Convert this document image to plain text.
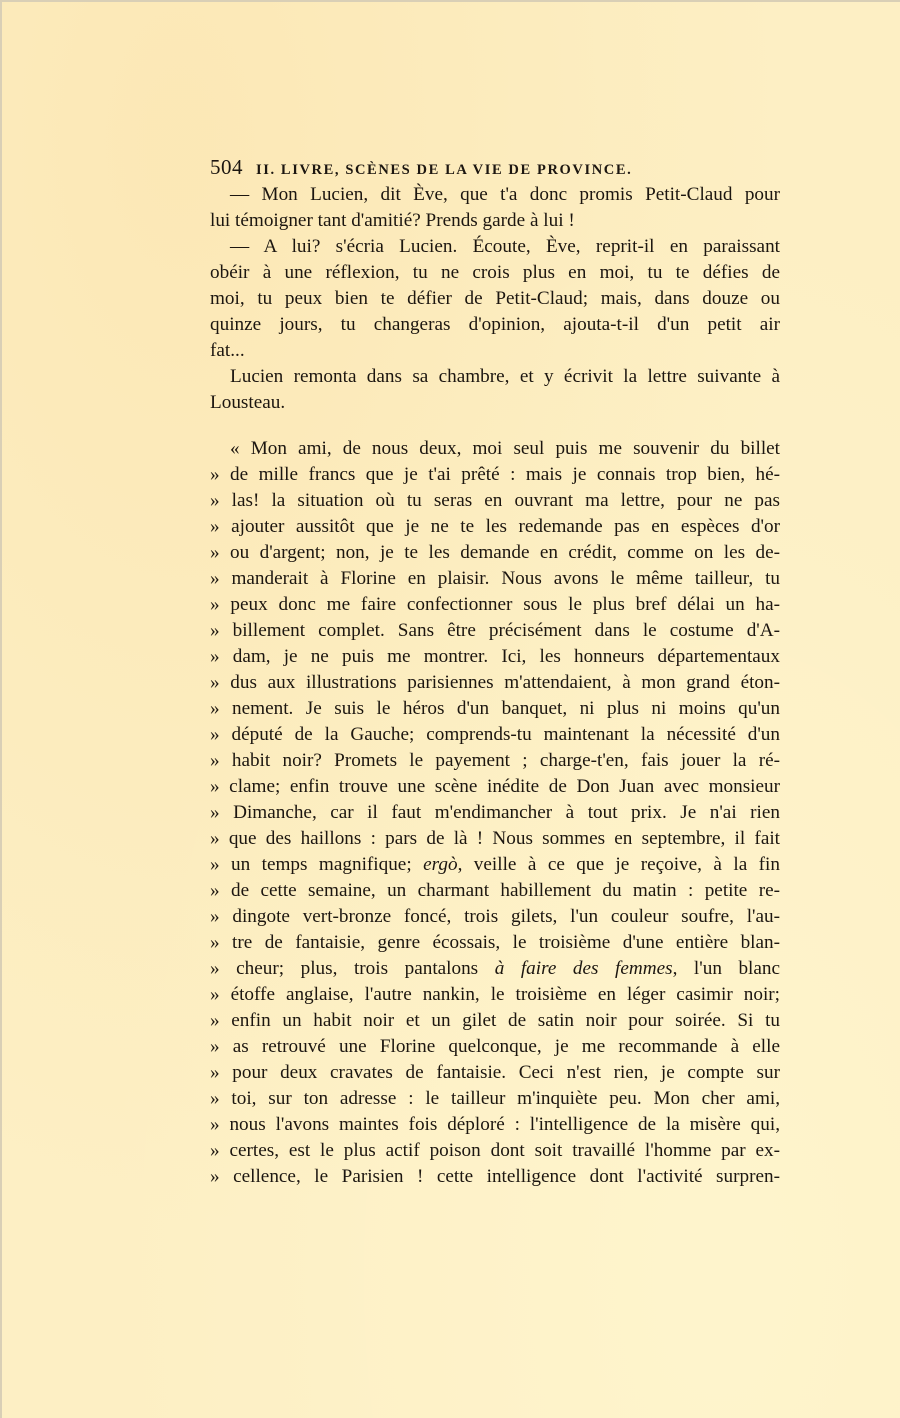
504 II. LIVRE, SCÈNES DE LA VIE DE PROVINCE.
— Mon Lucien, dit Ève, que t'a donc promis Petit-Claud pour
lui témoigner tant d'amitié? Prends garde à lui !
— A lui? s'écria Lucien. Écoute, Ève, reprit-il en paraissant
obéir à une réflexion, tu ne crois plus en moi, tu te défies de
moi, tu peux bien te défier de Petit-Claud; mais, dans douze ou
quinze jours, tu changeras d'opinion, ajouta-t-il d'un petit air
fat...
Lucien remonta dans sa chambre, et y écrivit la lettre suivante à
Lousteau.
« Mon ami, de nous deux, moi seul puis me souvenir du billet
» de mille francs que je t'ai prêté : mais je connais trop bien, hé-
» las! la situation où tu seras en ouvrant ma lettre, pour ne pas
» ajouter aussitôt que je ne te les redemande pas en espèces d'or
» ou d'argent; non, je te les demande en crédit, comme on les de-
» manderait à Florine en plaisir. Nous avons le même tailleur, tu
» peux donc me faire confectionner sous le plus bref délai un ha-
» billement complet. Sans être précisément dans le costume d'A-
» dam, je ne puis me montrer. Ici, les honneurs départementaux
» dus aux illustrations parisiennes m'attendaient, à mon grand éton-
» nement. Je suis le héros d'un banquet, ni plus ni moins qu'un
» député de la Gauche; comprends-tu maintenant la nécessité d'un
» habit noir? Promets le payement ; charge-t'en, fais jouer la ré-
» clame; enfin trouve une scène inédite de Don Juan avec monsieur
» Dimanche, car il faut m'endimancher à tout prix. Je n'ai rien
» que des haillons : pars de là ! Nous sommes en septembre, il fait
» un temps magnifique; ergò, veille à ce que je reçoive, à la fin
» de cette semaine, un charmant habillement du matin : petite re-
» dingote vert-bronze foncé, trois gilets, l'un couleur soufre, l'au-
» tre de fantaisie, genre écossais, le troisième d'une entière blan-
» cheur; plus, trois pantalons à faire des femmes, l'un blanc
» étoffe anglaise, l'autre nankin, le troisième en léger casimir noir;
» enfin un habit noir et un gilet de satin noir pour soirée. Si tu
» as retrouvé une Florine quelconque, je me recommande à elle
» pour deux cravates de fantaisie. Ceci n'est rien, je compte sur
» toi, sur ton adresse : le tailleur m'inquiète peu. Mon cher ami,
» nous l'avons maintes fois déploré : l'intelligence de la misère qui,
» certes, est le plus actif poison dont soit travaillé l'homme par ex-
» cellence, le Parisien ! cette intelligence dont l'activité surpren-
